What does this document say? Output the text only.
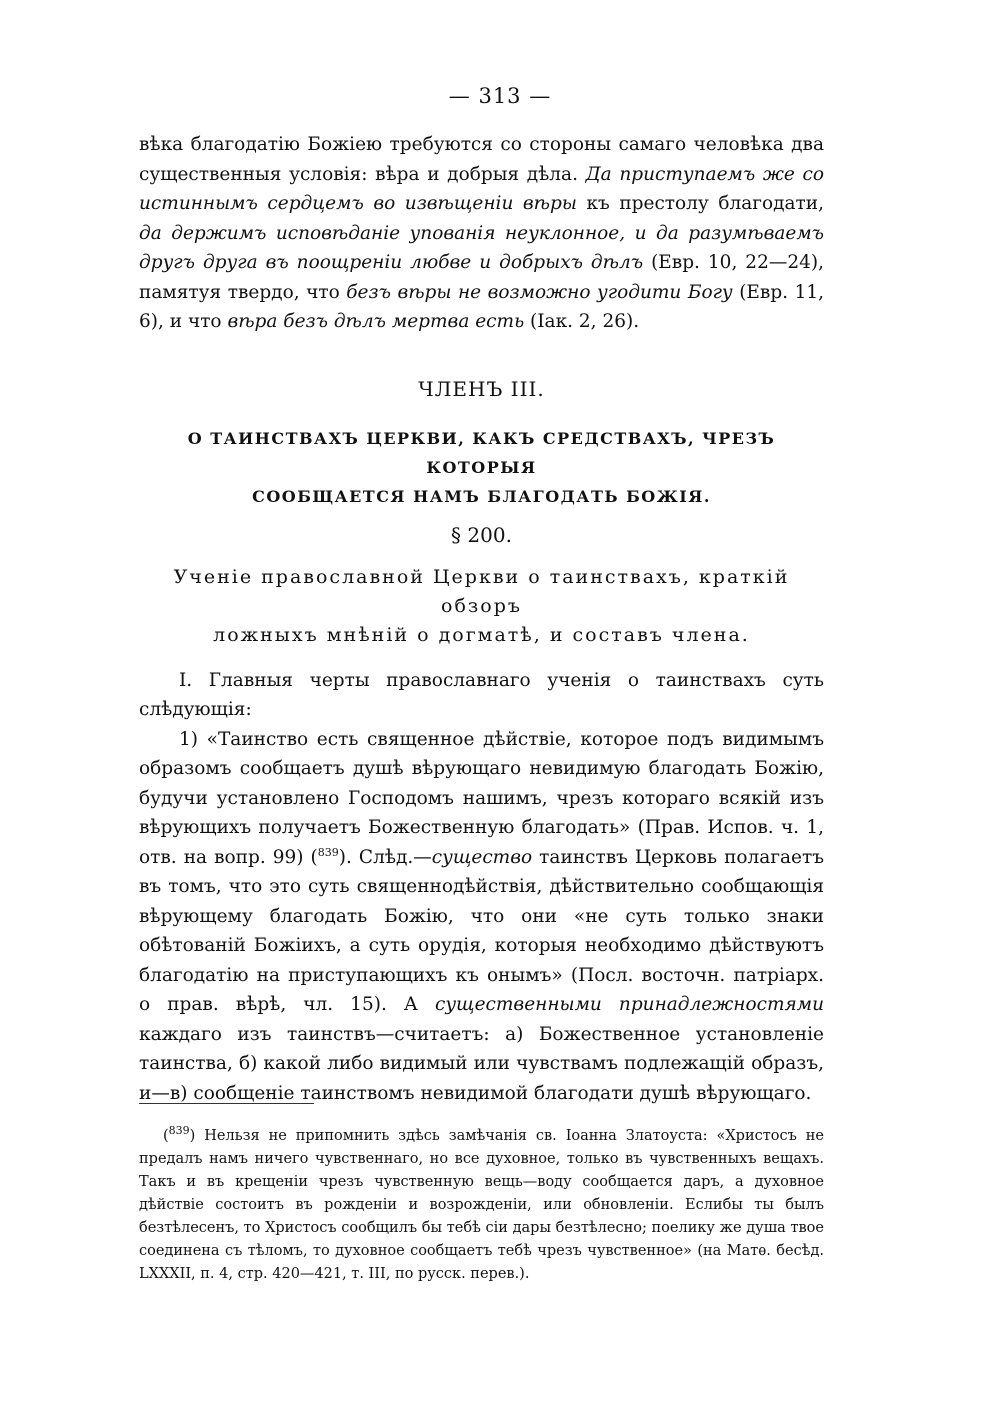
— 313 —

вѣка благодатію Божіею требуются со стороны самаго человѣка два существенныя условія: вѣра и добрыя дѣла. Да приступаемъ же со истиннымъ сердцемъ во извѣщеніи вѣры къ престолу благодати, да держимъ исповѣданіе упованія неуклонное, и да разумѣваемъ другъ друга въ поощреніи любве и добрыхъ дѣлъ (Евр. 10, 22—24), памятуя твердо, что безъ вѣры не возможно угодити Богу (Евр. 11, 6), и что вѣра безъ дѣлъ мертва есть (Іак. 2, 26).

ЧЛЕНЪ III.
О ТАИНСТВАХЪ ЦЕРКВИ, КАКЪ СРЕДСТВАХЪ, ЧРЕЗЪ КОТОРЫЯ
СООБЩАЕТСЯ НАМЪ БЛАГОДАТЬ БОЖІЯ.
§ 200.
Ученіе православной Церкви о таинствахъ, краткій обзоръ
ложныхъ мнѣній о догматѣ, и составъ члена.

I. Главныя черты православнаго ученія о таинствахъ суть слѣдующія:

1) «Таинство есть священное дѣйствіе, которое подъ видимымъ образомъ сообщаетъ душѣ вѣрующаго невидимую благодать Божію, будучи установлено Господомъ нашимъ, чрезъ котораго всякій изъ вѣрующихъ получаетъ Божественную благодать» (Прав. Испов. ч. 1, отв. на вопр. 99) ($^{839}$). Слѣд.—существо таинствъ Церковь полагаетъ въ томъ, что это суть священнодѣйствія, дѣйствительно сообщающія вѣрующему благодать Божію, что они «не суть только знаки обѣтованій Божіихъ, а суть орудія, которыя необходимо дѣйствуютъ благодатію на приступающихъ къ онымъ» (Посл. восточн. патріарх. о прав. вѣрѣ, чл. 15). А существенными принадлежностями каждаго изъ таинствъ—считаетъ: а) Божественное установленіе таинства, б) какой либо видимый или чувствамъ подлежащій образъ, и—в) сообщеніе таинствомъ невидимой благодати душѣ вѣрующаго.

($^{839}$) Нельзя не припомнить здѣсь замѣчанія св. Іоанна Златоуста: «Христосъ не предалъ намъ ничего чувственнаго, но все духовное, только въ чувственныхъ вещахъ. Такъ и въ крещеніи чрезъ чувственную вещь—воду сообщается даръ, а духовное дѣйствіе состоитъ въ рожденіи и возрожденіи, или обновленіи. Еслибы ты былъ безтѣлесенъ, то Христосъ сообщилъ бы тебѣ сіи дары безтѣлесно; поелику же душа твое соединена съ тѣломъ, то духовное сообщаетъ тебѣ чрезъ чувственное» (на Матѳ. бесѣд. LXXXII, п. 4, стр. 420—421, т. III, по русск. перев.).
